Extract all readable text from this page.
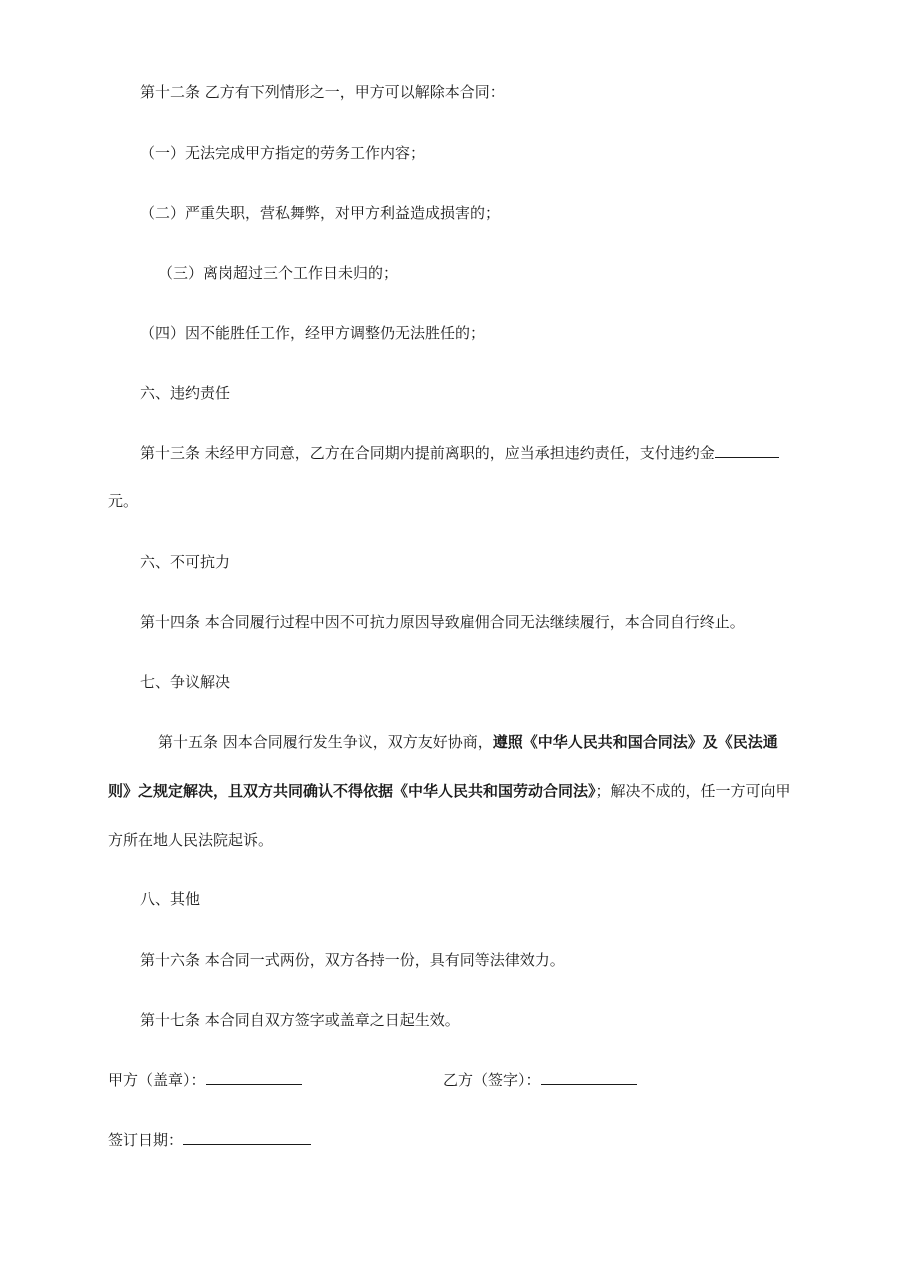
第十二条 乙方有下列情形之一，甲方可以解除本合同：

（一）无法完成甲方指定的劳务工作内容；

（二）严重失职，营私舞弊，对甲方利益造成损害的；

（三）离岗超过三个工作日未归的；

（四）因不能胜任工作，经甲方调整仍无法胜任的；

六、违约责任

第十三条 未经甲方同意，乙方在合同期内提前离职的，应当承担违约责任，支付违约金

元。

六、不可抗力

第十四条 本合同履行过程中因不可抗力原因导致雇佣合同无法继续履行，本合同自行终止。

七、争议解决

第十五条 因本合同履行发生争议，双方友好协商，遵照《中华人民共和国合同法》及《民法通

则》之规定解决，且双方共同确认不得依据《中华人民共和国劳动合同法》；解决不成的，任一方可向甲

方所在地人民法院起诉。

八、其他

第十六条 本合同一式两份，双方各持一份，具有同等法律效力。

第十七条 本合同自双方签字或盖章之日起生效。

甲方（盖章）：	乙方（签字）：

签订日期：
